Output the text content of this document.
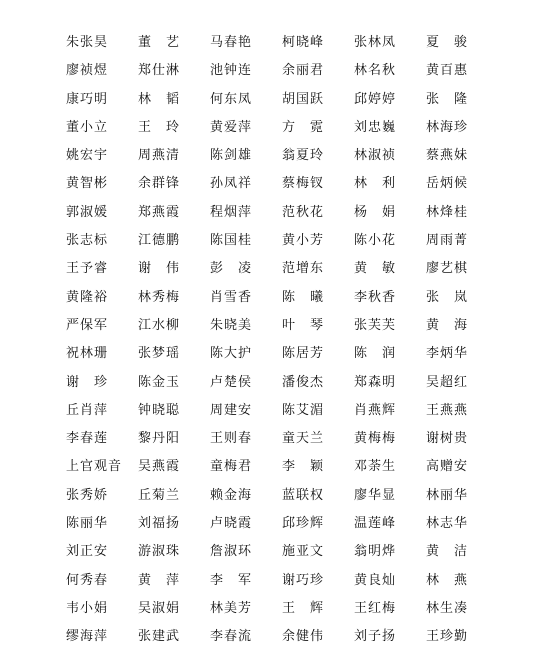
朱张昊	董　艺	马春艳	柯晓峰	张林凤	夏　骏
廖祯煜	郑仕淋	池钟连	余丽君	林名秋	黄百惠
康巧明	林　韬	何东凤	胡国跃	邱婷婷	张　隆
董小立	王　玲	黄爱萍	方　霓	刘忠巍	林海珍
姚宏宇	周燕清	陈剑雄	翁夏玲	林淑祯	蔡燕妹
黄智彬	余群锋	孙凤祥	蔡梅钗	林　利	岳炳候
郭淑媛	郑燕霞	程烟萍	范秋花	杨　娟	林烽桂
张志标	江德鹏	陈国桂	黄小芳	陈小花	周雨菁
王予睿	谢　伟	彭　凌	范增东	黄　敏	廖艺棋
黄隆裕	林秀梅	肖雪香	陈　曦	李秋香	张　岚
严保军	江水柳	朱晓美	叶　琴	张芙芙	黄　海
祝林珊	张梦瑶	陈大护	陈居芳	陈　润	李炳华
谢　珍	陈金玉	卢楚侯	潘俊杰	郑森明	吴超红
丘肖萍	钟晓聪	周建安	陈艾湄	肖燕辉	王燕燕
李春莲	黎丹阳	王则春	童天兰	黄梅梅	谢树贵
上官观音	吴燕霞	童梅君	李　颖	邓荼生	高赠安
张秀娇	丘菊兰	赖金海	蓝联权	廖华显	林丽华
陈丽华	刘福扬	卢晓霞	邱珍辉	温莲峰	林志华
刘正安	游淑珠	詹淑环	施亚文	翁明烨	黄　洁
何秀春	黄　萍	李　军	谢巧珍	黄良灿	林　燕
韦小娟	吴淑娟	林美芳	王　辉	王红梅	林生凑
缪海萍	张建武	李春流	余健伟	刘子扬	王珍勤
